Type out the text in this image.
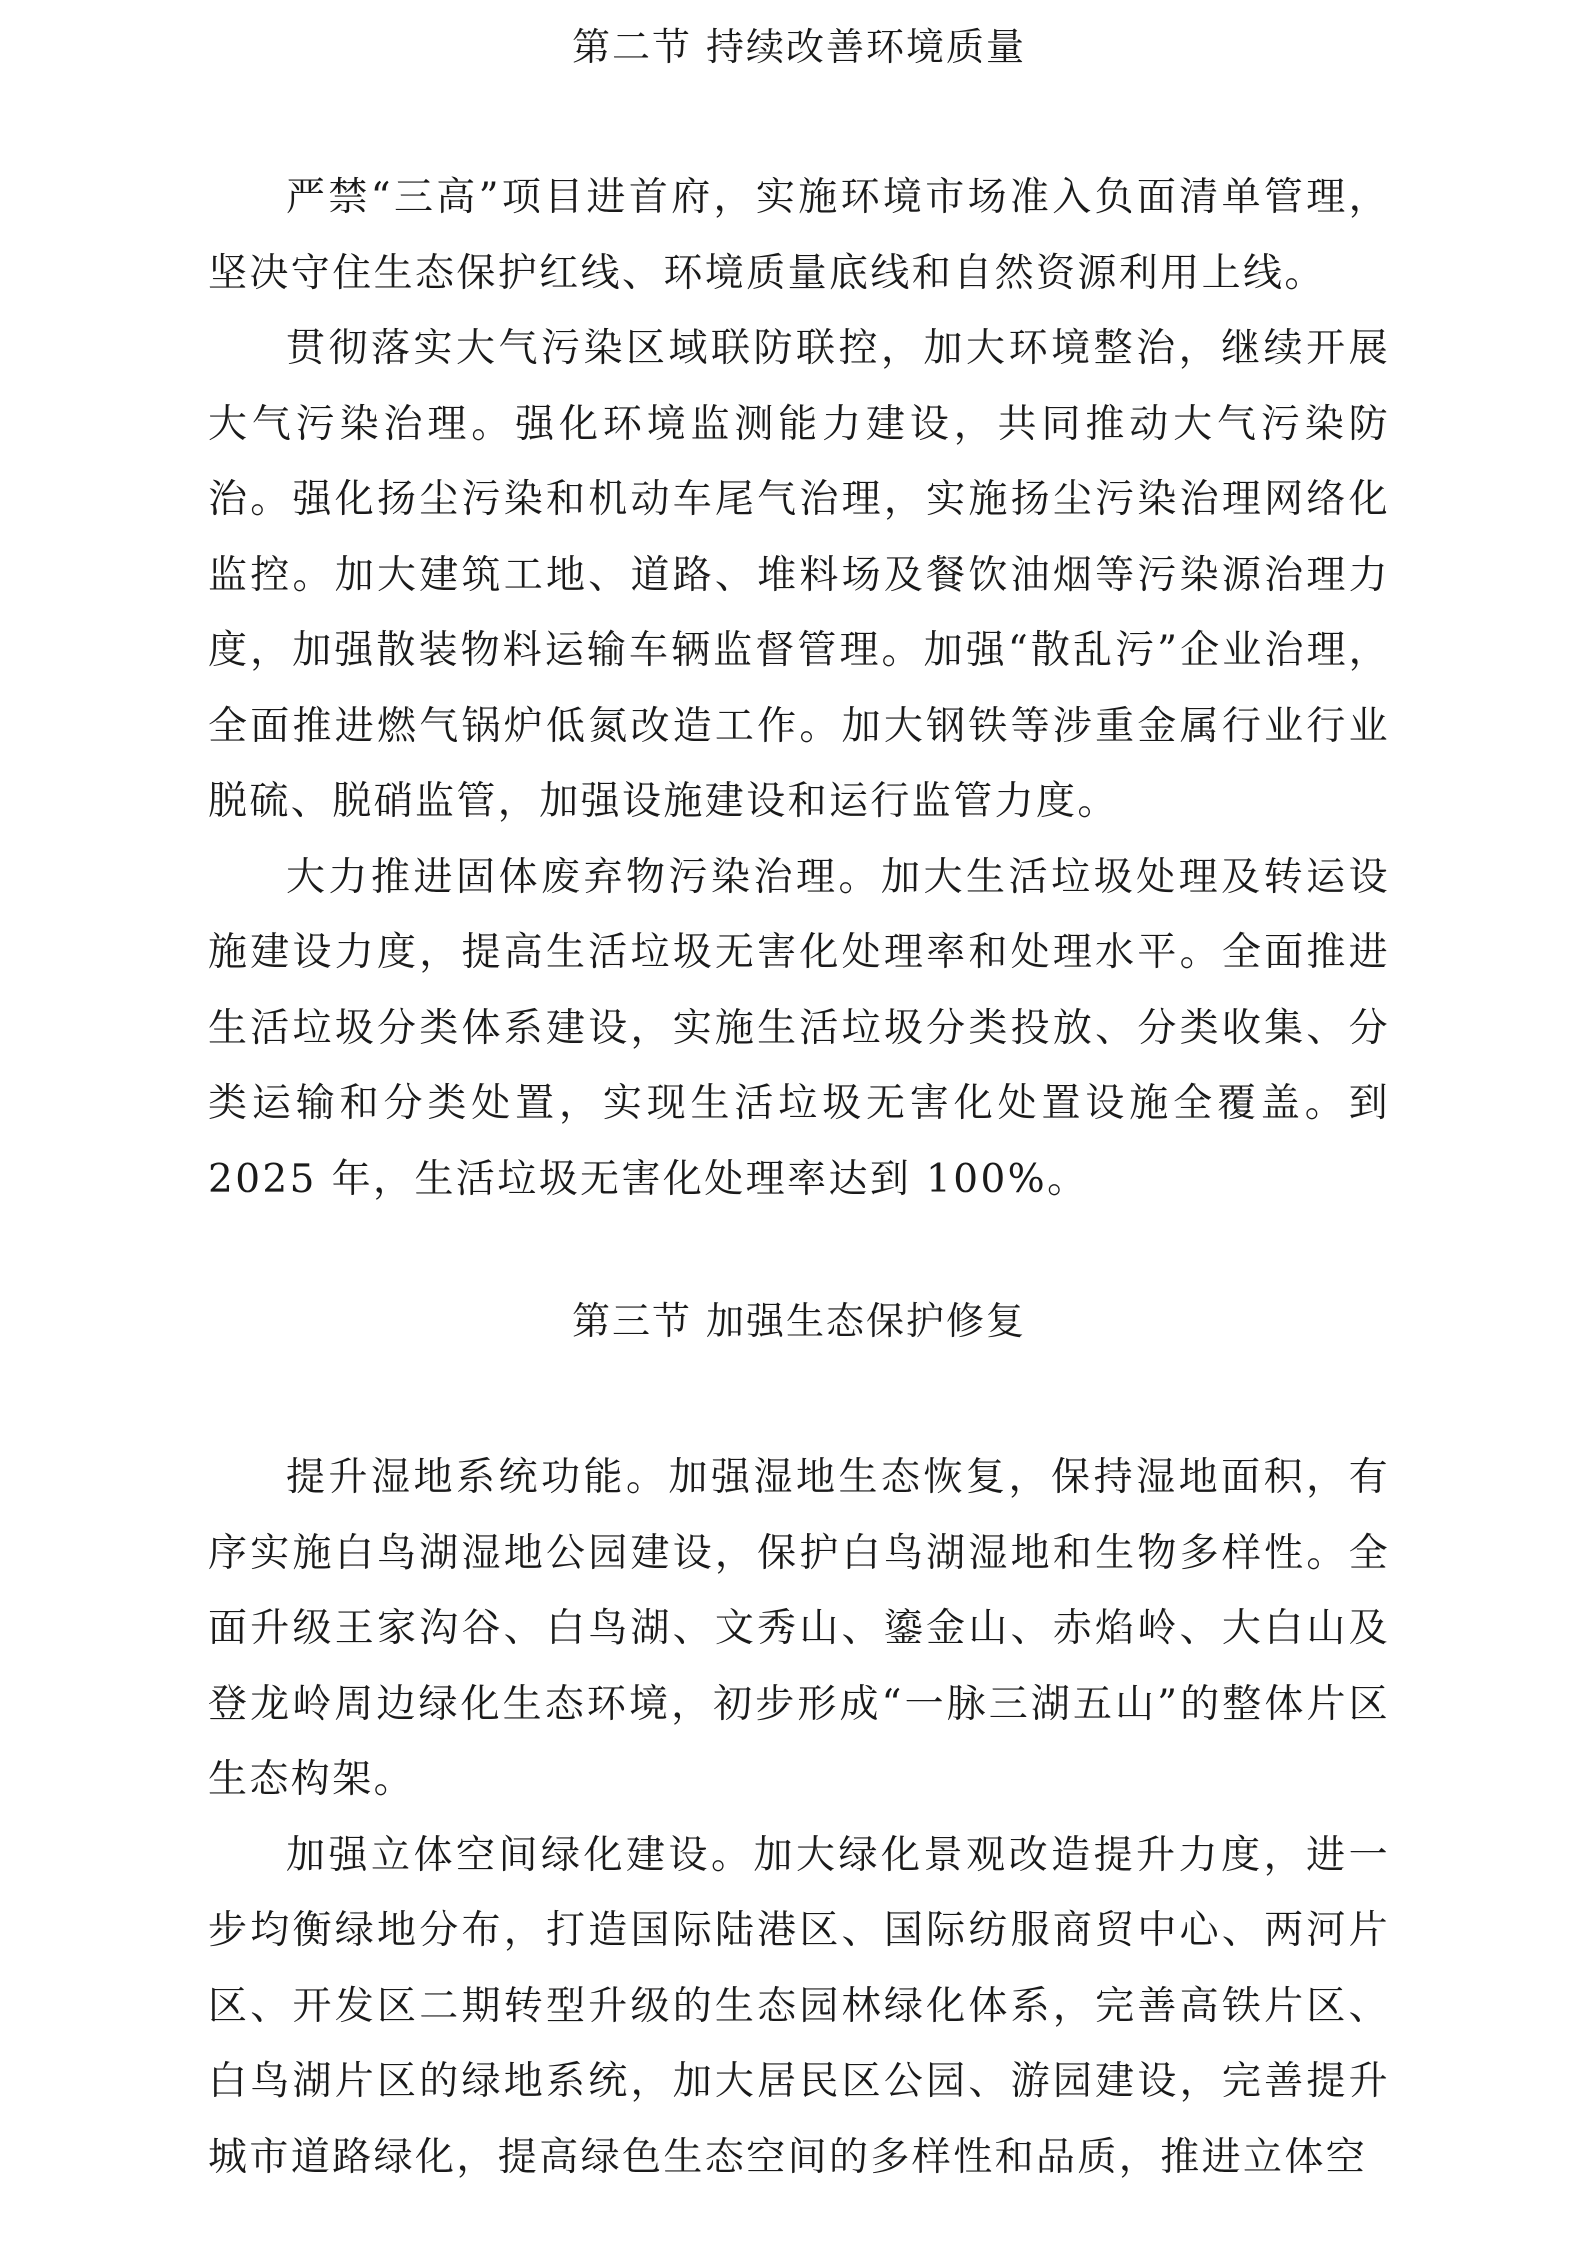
第二节 持续改善环境质量

严禁“三高”项目进首府，实施环境市场准入负面清单管理，坚决守住生态保护红线、环境质量底线和自然资源利用上线。

贯彻落实大气污染区域联防联控，加大环境整治，继续开展大气污染治理。强化环境监测能力建设，共同推动大气污染防治。强化扬尘污染和机动车尾气治理，实施扬尘污染治理网络化监控。加大建筑工地、道路、堆料场及餐饮油烟等污染源治理力度，加强散装物料运输车辆监督管理。加强“散乱污”企业治理，全面推进燃气锅炉低氮改造工作。加大钢铁等涉重金属行业行业脱硫、脱硝监管，加强设施建设和运行监管力度。

大力推进固体废弃物污染治理。加大生活垃圾处理及转运设施建设力度，提高生活垃圾无害化处理率和处理水平。全面推进生活垃圾分类体系建设，实施生活垃圾分类投放、分类收集、分类运输和分类处置，实现生活垃圾无害化处置设施全覆盖。到 2025 年，生活垃圾无害化处理率达到 100%。

第三节 加强生态保护修复

提升湿地系统功能。加强湿地生态恢复，保持湿地面积，有序实施白鸟湖湿地公园建设，保护白鸟湖湿地和生物多样性。全面升级王家沟谷、白鸟湖、文秀山、鎏金山、赤焰岭、大白山及登龙岭周边绿化生态环境，初步形成“一脉三湖五山”的整体片区生态构架。

加强立体空间绿化建设。加大绿化景观改造提升力度，进一步均衡绿地分布，打造国际陆港区、国际纺服商贸中心、两河片区、开发区二期转型升级的生态园林绿化体系，完善高铁片区、白鸟湖片区的绿地系统，加大居民区公园、游园建设，完善提升城市道路绿化，提高绿色生态空间的多样性和品质，推进立体空
